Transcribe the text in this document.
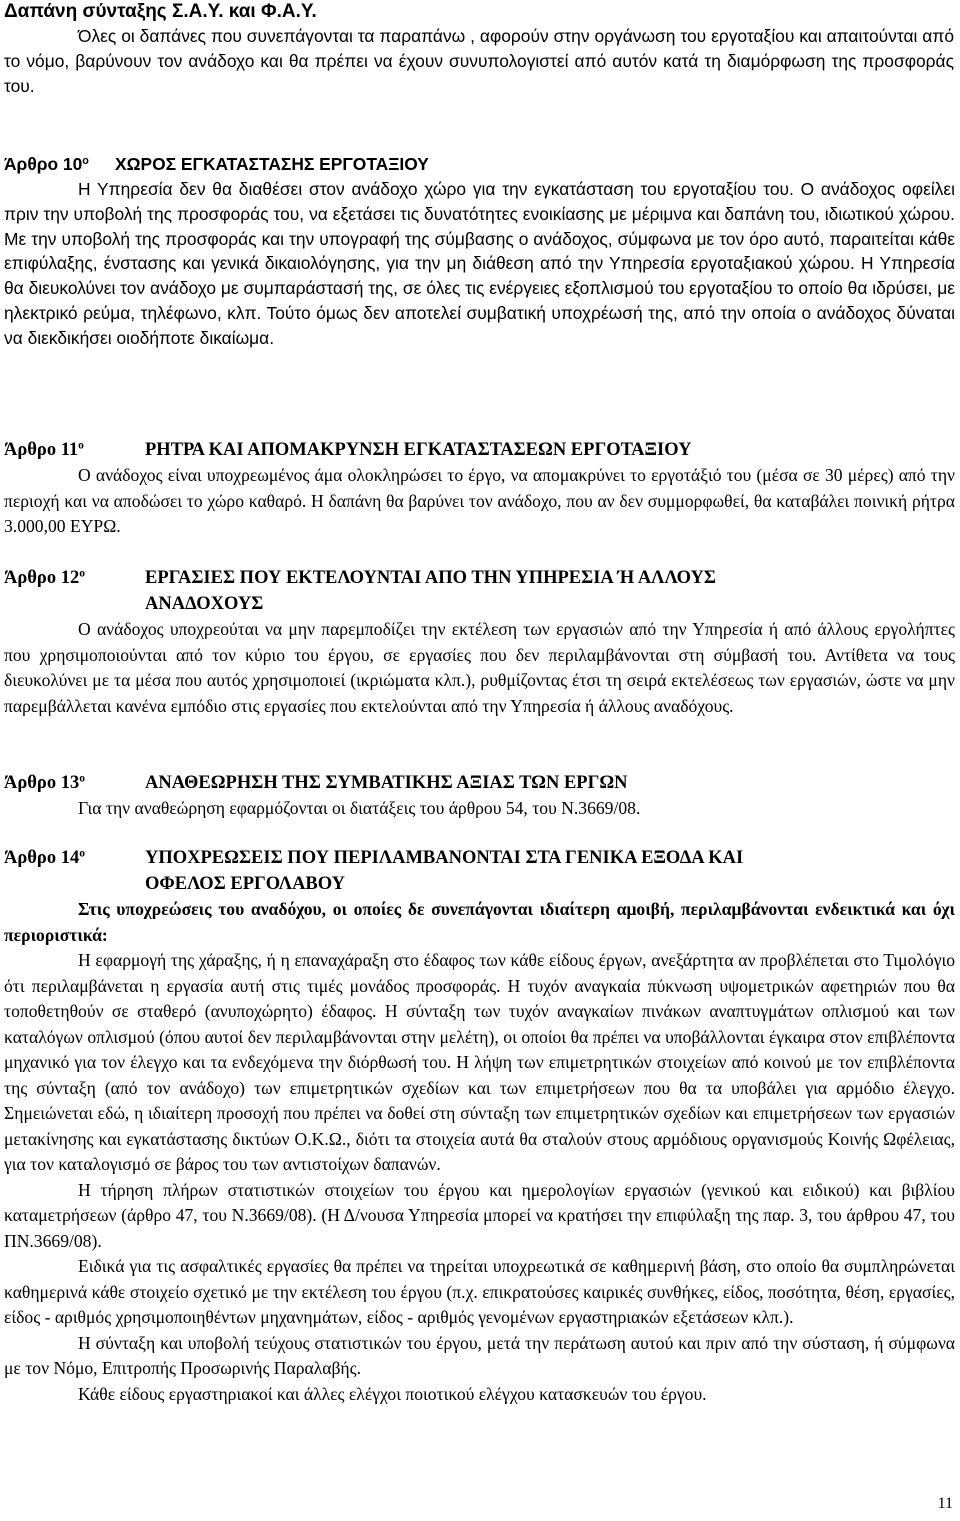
Δαπάνη σύνταξης Σ.Α.Υ. και Φ.Α.Υ.

Όλες οι δαπάνες που συνεπάγονται τα παραπάνω , αφορούν στην οργάνωση του εργοταξίου και απαιτούνται από το νόμο, βαρύνουν τον ανάδοχο και θα πρέπει να έχουν συνυπολογιστεί από αυτόν κατά τη διαμόρφωση της προσφοράς του.

Άρθρο $10^o$ ΧΩΡΟΣ ΕΓΚΑΤΑΣΤΑΣΗΣ ΕΡΓΟΤΑΞΙΟΥ

Η Υπηρεσία δεν θα διαθέσει στον ανάδοχο χώρο για την εγκατάσταση του εργοταξίου του. Ο ανάδοχος οφείλει πριν την υποβολή της προσφοράς του, να εξετάσει τις δυνατότητες ενοικίασης με μέριμνα και δαπάνη του, ιδιωτικού χώρου. Με την υποβολή της προσφοράς και την υπογραφή της σύμβασης ο ανάδοχος, σύμφωνα με τον όρο αυτό, παραιτείται κάθε επιφύλαξης, ένστασης και γενικά δικαιολόγησης, για την μη διάθεση από την Υπηρεσία εργοταξιακού χώρου. Η Υπηρεσία θα διευκολύνει τον ανάδοχο με συμπαράστασή της, σε όλες τις ενέργειες εξοπλισμού του εργοταξίου το οποίο θα ιδρύσει, με ηλεκτρικό ρεύμα, τηλέφωνο, κλπ. Τούτο όμως δεν αποτελεί συμβατική υποχρέωσή της, από την οποία ο ανάδοχος δύναται να διεκδικήσει οιοδήποτε δικαίωμα.

Άρθρο $11^o$	ΡΗΤΡΑ ΚΑΙ ΑΠΟΜΑΚΡΥΝΣΗ ΕΓΚΑΤΑΣΤΑΣΕΩΝ ΕΡΓΟΤΑΞΙΟΥ

Ο ανάδοχος είναι υποχρεωμένος άμα ολοκληρώσει το έργο, να απομακρύνει το εργοτάξιό του (μέσα σε 30 μέρες) από την περιοχή και να αποδώσει το χώρο καθαρό. Η δαπάνη θα βαρύνει τον ανάδοχο, που αν δεν συμμορφωθεί, θα καταβάλει ποινική ρήτρα 3.000,00 ΕΥΡΩ.

Άρθρο $12^o$	ΕΡΓΑΣΙΕΣ ΠΟΥ ΕΚΤΕΛΟΥΝΤΑΙ ΑΠΟ ΤΗΝ ΥΠΗΡΕΣΙΑ Ή ΑΛΛΟΥΣ
ΑΝΑΔΟΧΟΥΣ

Ο ανάδοχος υποχρεούται να μην παρεμποδίζει την εκτέλεση των εργασιών από την Υπηρεσία ή από άλλους εργολήπτες που χρησιμοποιούνται από τον κύριο του έργου, σε εργασίες που δεν περιλαμβάνονται στη σύμβασή του. Αντίθετα να τους διευκολύνει με τα μέσα που αυτός χρησιμοποιεί (ικριώματα κλπ.), ρυθμίζοντας έτσι τη σειρά εκτελέσεως των εργασιών, ώστε να μην παρεμβάλλεται κανένα εμπόδιο στις εργασίες που εκτελούνται από την Υπηρεσία ή άλλους αναδόχους.

Άρθρο $13^o$	ΑΝΑΘΕΩΡΗΣΗ ΤΗΣ ΣΥΜΒΑΤΙΚΗΣ ΑΞΙΑΣ ΤΩΝ ΕΡΓΩΝ

Για την αναθεώρηση εφαρμόζονται οι διατάξεις του άρθρου 54, του Ν.3669/08.

Άρθρο $14^o$	ΥΠΟΧΡΕΩΣΕΙΣ ΠΟΥ ΠΕΡΙΛΑΜΒΑΝΟΝΤΑΙ ΣΤΑ ΓΕΝΙΚΑ ΕΞΟΔΑ ΚΑΙ
ΟΦΕΛΟΣ ΕΡΓΟΛΑΒΟΥ

Στις υποχρεώσεις του αναδόχου, οι οποίες δε συνεπάγονται ιδιαίτερη αμοιβή, περιλαμβάνονται ενδεικτικά και όχι περιοριστικά:

Η εφαρμογή της χάραξης, ή η επαναχάραξη στο έδαφος των κάθε είδους έργων, ανεξάρτητα αν προβλέπεται στο Τιμολόγιο ότι περιλαμβάνεται η εργασία αυτή στις τιμές μονάδος προσφοράς. Η τυχόν αναγκαία πύκνωση υψομετρικών αφετηριών που θα τοποθετηθούν σε σταθερό (ανυποχώρητο) έδαφος. Η σύνταξη των τυχόν αναγκαίων πινάκων αναπτυγμάτων οπλισμού και των καταλόγων οπλισμού (όπου αυτοί δεν περιλαμβάνονται στην μελέτη), οι οποίοι θα πρέπει να υποβάλλονται έγκαιρα στον επιβλέποντα μηχανικό για τον έλεγχο και τα ενδεχόμενα την διόρθωσή του. Η λήψη των επιμετρητικών στοιχείων από κοινού με τον επιβλέποντα της σύνταξη (από τον ανάδοχο) των επιμετρητικών σχεδίων και των επιμετρήσεων που θα τα υποβάλει για αρμόδιο έλεγχο. Σημειώνεται εδώ, η ιδιαίτερη προσοχή που πρέπει να δοθεί στη σύνταξη των επιμετρητικών σχεδίων και επιμετρήσεων των εργασιών μετακίνησης και εγκατάστασης δικτύων Ο.Κ.Ω., διότι τα στοιχεία αυτά θα σταλούν στους αρμόδιους οργανισμούς Κοινής Ωφέλειας, για τον καταλογισμό σε βάρος του των αντιστοίχων δαπανών.

Η τήρηση πλήρων στατιστικών στοιχείων του έργου και ημερολογίων εργασιών (γενικού και ειδικού) και βιβλίου καταμετρήσεων (άρθρο 47, του Ν.3669/08). (Η Δ/νουσα Υπηρεσία μπορεί να κρατήσει την επιφύλαξη της παρ. 3, του άρθρου 47, του ΠΝ.3669/08).

Ειδικά για τις ασφαλτικές εργασίες θα πρέπει να τηρείται υποχρεωτικά σε καθημερινή βάση, στο οποίο θα συμπληρώνεται καθημερινά κάθε στοιχείο σχετικό με την εκτέλεση του έργου (π.χ. επικρατούσες καιρικές συνθήκες, είδος, ποσότητα, θέση, εργασίες, είδος - αριθμός χρησιμοποιηθέντων μηχανημάτων, είδος - αριθμός γενομένων εργαστηριακών εξετάσεων κλπ.).

Η σύνταξη και υποβολή τεύχους στατιστικών του έργου, μετά την περάτωση αυτού και πριν από την σύσταση, ή σύμφωνα με τον Νόμο, Επιτροπής Προσωρινής Παραλαβής.

Κάθε είδους εργαστηριακοί και άλλες ελέγχοι ποιοτικού ελέγχου κατασκευών του έργου.

11
